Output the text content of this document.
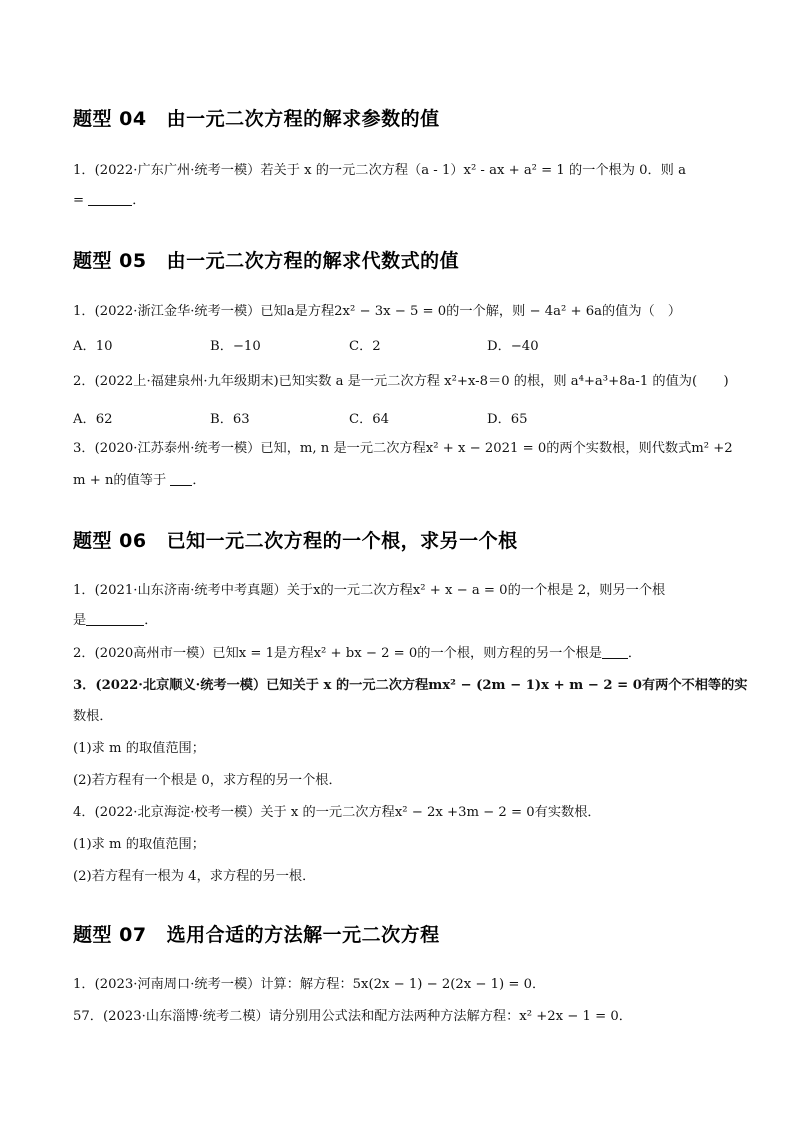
题型 04 由一元二次方程的解求参数的值
1．(2022·广东广州·统考一模）若关于 x 的一元二次方程（a - 1）x² - ax + a² = 1 的一个根为 0．则 a
=	．
题型 05 由一元二次方程的解求代数式的值
1．(2022·浙江金华·统考一模）已知a是方程2x² − 3x − 5 = 0的一个解，则 − 4a² + 6a的值为（　）
A．10	B．−10	C．2	D．−40
2．(2022上·福建泉州·九年级期末)已知实数 a 是一元二次方程 x²+x-8＝0 的根，则 a⁴+a³+8a-1 的值为(　　)
A．62	B．63	C．64	D．65
3．(2020·江苏泰州·统考一模）已知，m, n 是一元二次方程x² + x − 2021 = 0的两个实数根，则代数式m² +2
m + n的值等于 ．
题型 06 已知一元二次方程的一个根，求另一个根
1．(2021·山东济南·统考中考真题）关于x的一元二次方程x² + x − a = 0的一个根是 2，则另一个根
是	．
2．(2020高州市一模）已知x = 1是方程x² + bx − 2 = 0的一个根，则方程的另一个根是 ．
3．(2022·北京顺义·统考一模）已知关于 x 的一元二次方程mx² − (2m − 1)x + m − 2 = 0有两个不相等的实
数根．
(1)求 m 的取值范围；
(2)若方程有一个根是 0，求方程的另一个根．
4．(2022·北京海淀·校考一模）关于 x 的一元二次方程x² − 2x +3m − 2 = 0有实数根．
(1)求 m 的取值范围；
(2)若方程有一根为 4，求方程的另一根．
题型 07 选用合适的方法解一元二次方程
1．(2023·河南周口·统考一模）计算：解方程：5x(2x − 1) − 2(2x − 1) = 0．
57．(2023·山东淄博·统考二模）请分别用公式法和配方法两种方法解方程：x² +2x − 1 = 0．
